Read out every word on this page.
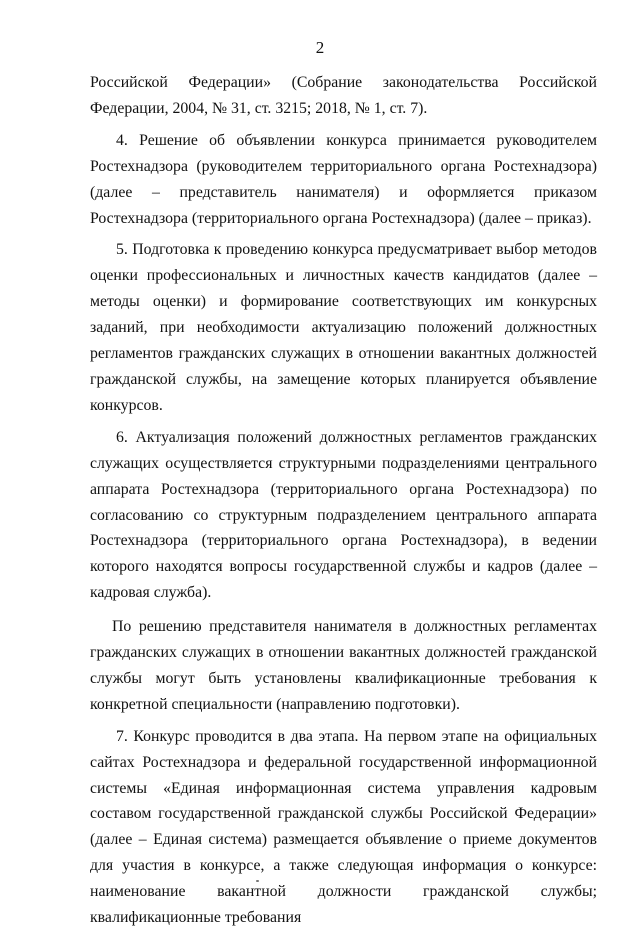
2

Российской Федерации» (Собрание законодательства Российской Федерации, 2004, № 31, ст. 3215; 2018, № 1, ст. 7).

4. Решение об объявлении конкурса принимается руководителем Ростехнадзора (руководителем территориального органа Ростехнадзора) (далее – представитель нанимателя) и оформляется приказом Ростехнадзора (территориального органа Ростехнадзора) (далее – приказ).

5. Подготовка к проведению конкурса предусматривает выбор методов оценки профессиональных и личностных качеств кандидатов (далее – методы оценки) и формирование соответствующих им конкурсных заданий, при необходимости актуализацию положений должностных регламентов гражданских служащих в отношении вакантных должностей гражданской службы, на замещение которых планируется объявление конкурсов.

6. Актуализация положений должностных регламентов гражданских служащих осуществляется структурными подразделениями центрального аппарата Ростехнадзора (территориального органа Ростехнадзора) по согласованию со структурным подразделением центрального аппарата Ростехнадзора (территориального органа Ростехнадзора), в ведении которого находятся вопросы государственной службы и кадров (далее – кадровая служба).

По решению представителя нанимателя в должностных регламентах гражданских служащих в отношении вакантных должностей гражданской службы могут быть установлены квалификационные требования к конкретной специальности (направлению подготовки).

7. Конкурс проводится в два этапа. На первом этапе на официальных сайтах Ростехнадзора и федеральной государственной информационной системы «Единая информационная система управления кадровым составом государственной гражданской службы Российской Федерации» (далее – Единая система) размещается объявление о приеме документов для участия в конкурсе, а также следующая информация о конкурсе: наименование вакантной должности гражданской службы; квалификационные требования
